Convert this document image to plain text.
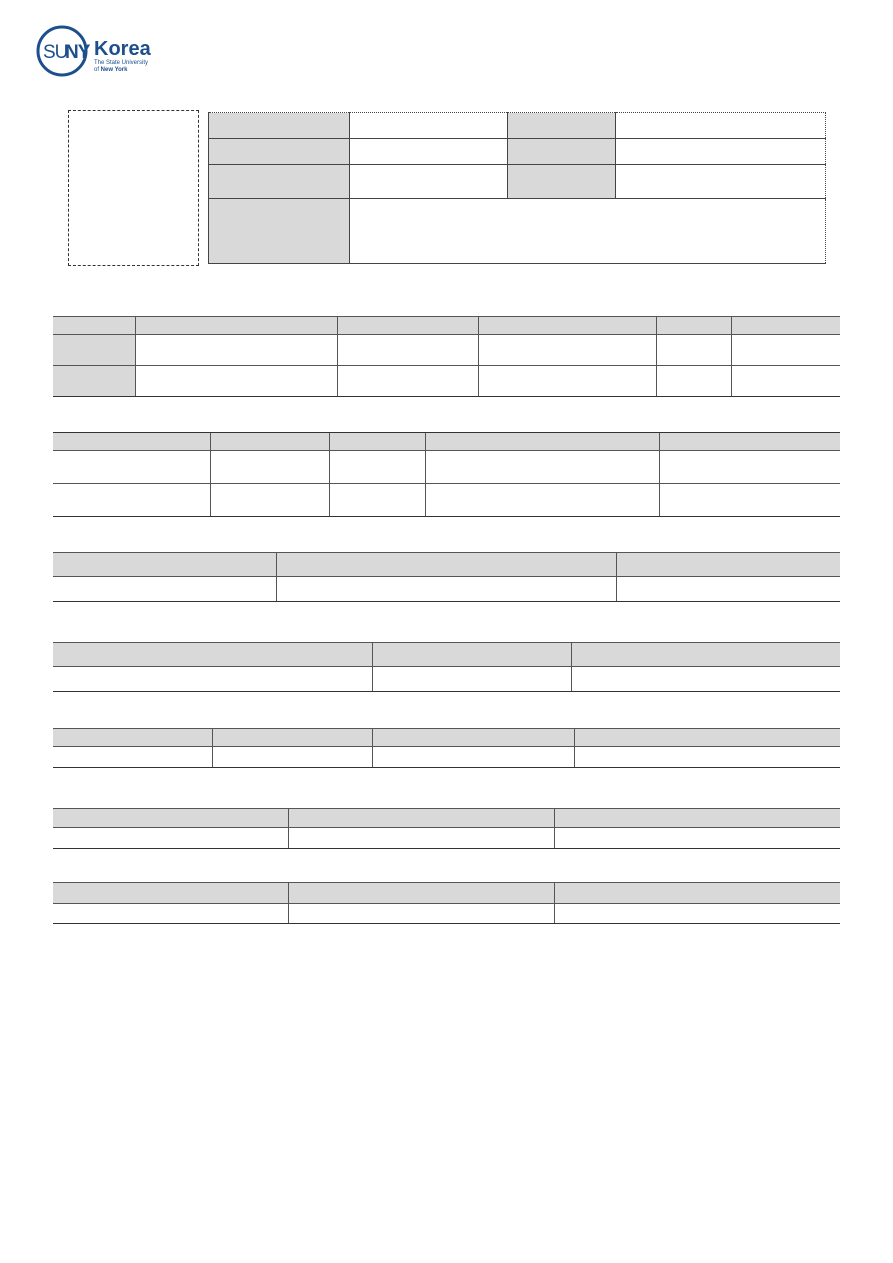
SU
NY Korea
The State University
of New York
